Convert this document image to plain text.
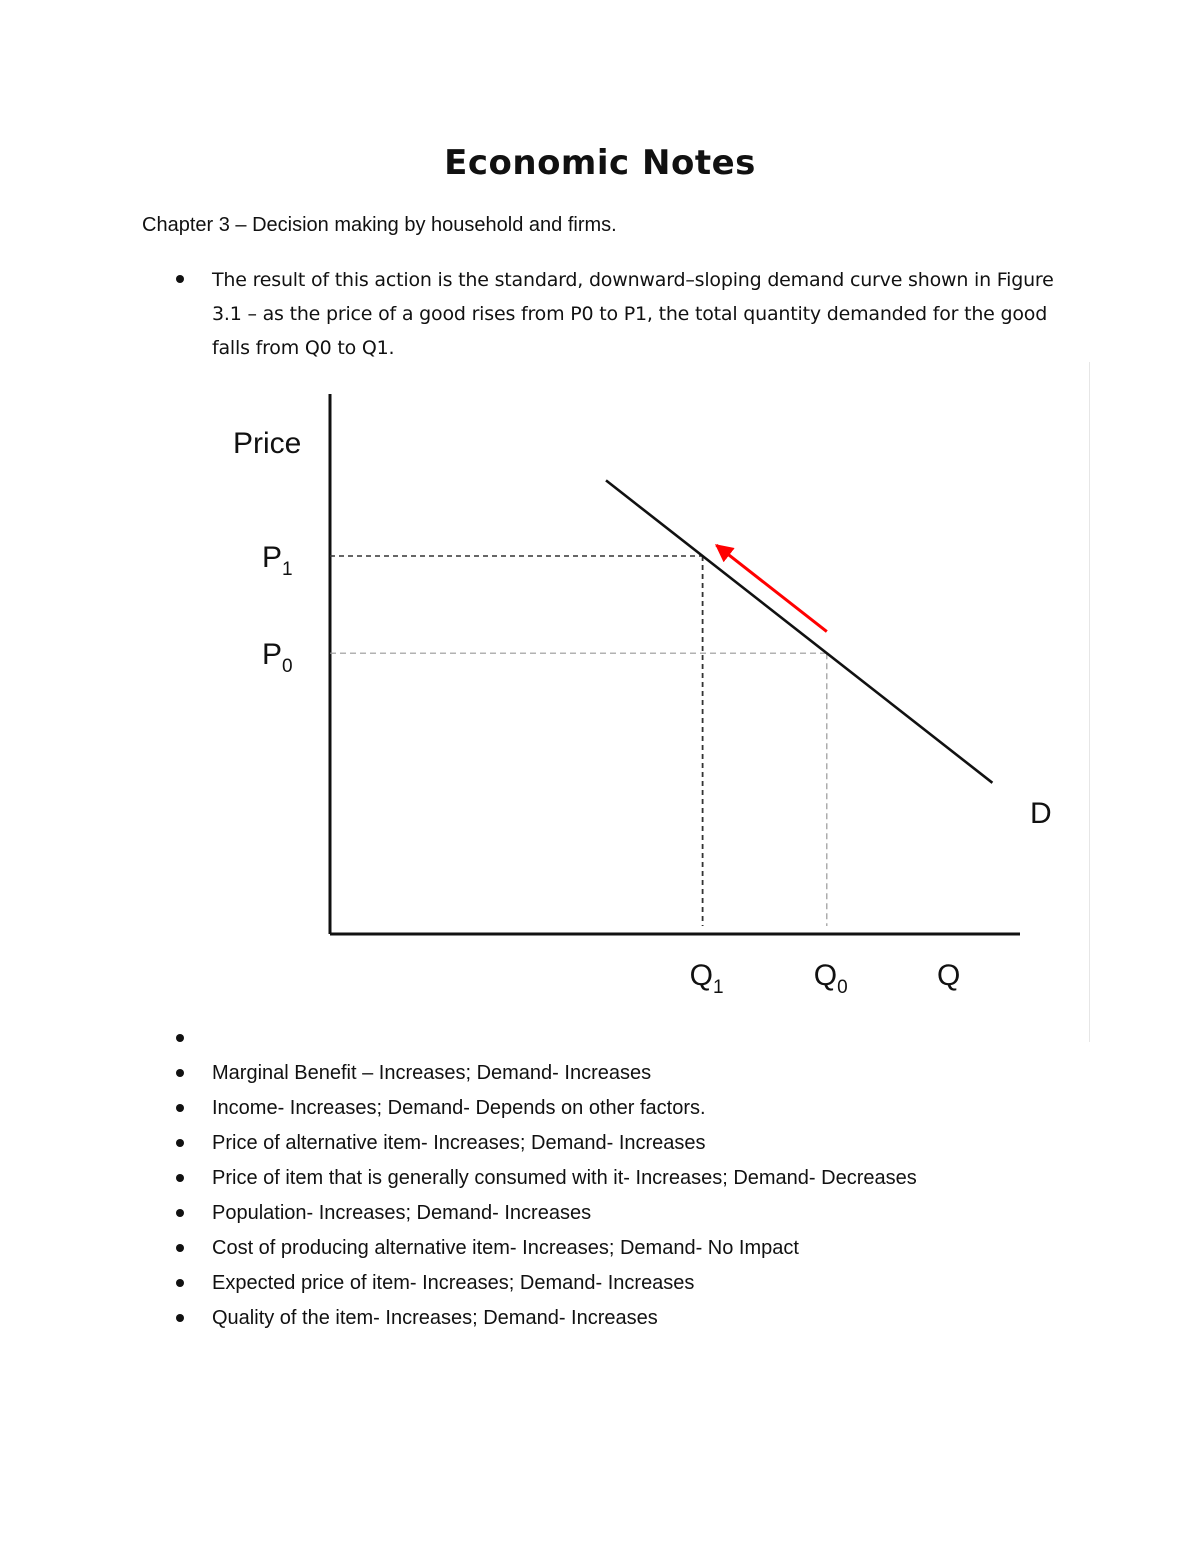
Economic Notes
Chapter 3 – Decision making by household and firms.
The result of this action is the standard, downward–sloping demand curve shown in Figure 3.1 – as the price of a good rises from P0 to P1, the total quantity demanded for the good falls from Q0 to Q1.
Price
D
Q
$P_1$
$Q_1$
$P_0$
$Q_0$
Marginal Benefit – Increases; Demand- Increases
Income- Increases; Demand- Depends on other factors.
Price of alternative item- Increases; Demand- Increases
Price of item that is generally consumed with it- Increases; Demand- Decreases
Population- Increases; Demand- Increases
Cost of producing alternative item- Increases; Demand- No Impact
Expected price of item- Increases; Demand- Increases
Quality of the item- Increases; Demand- Increases
